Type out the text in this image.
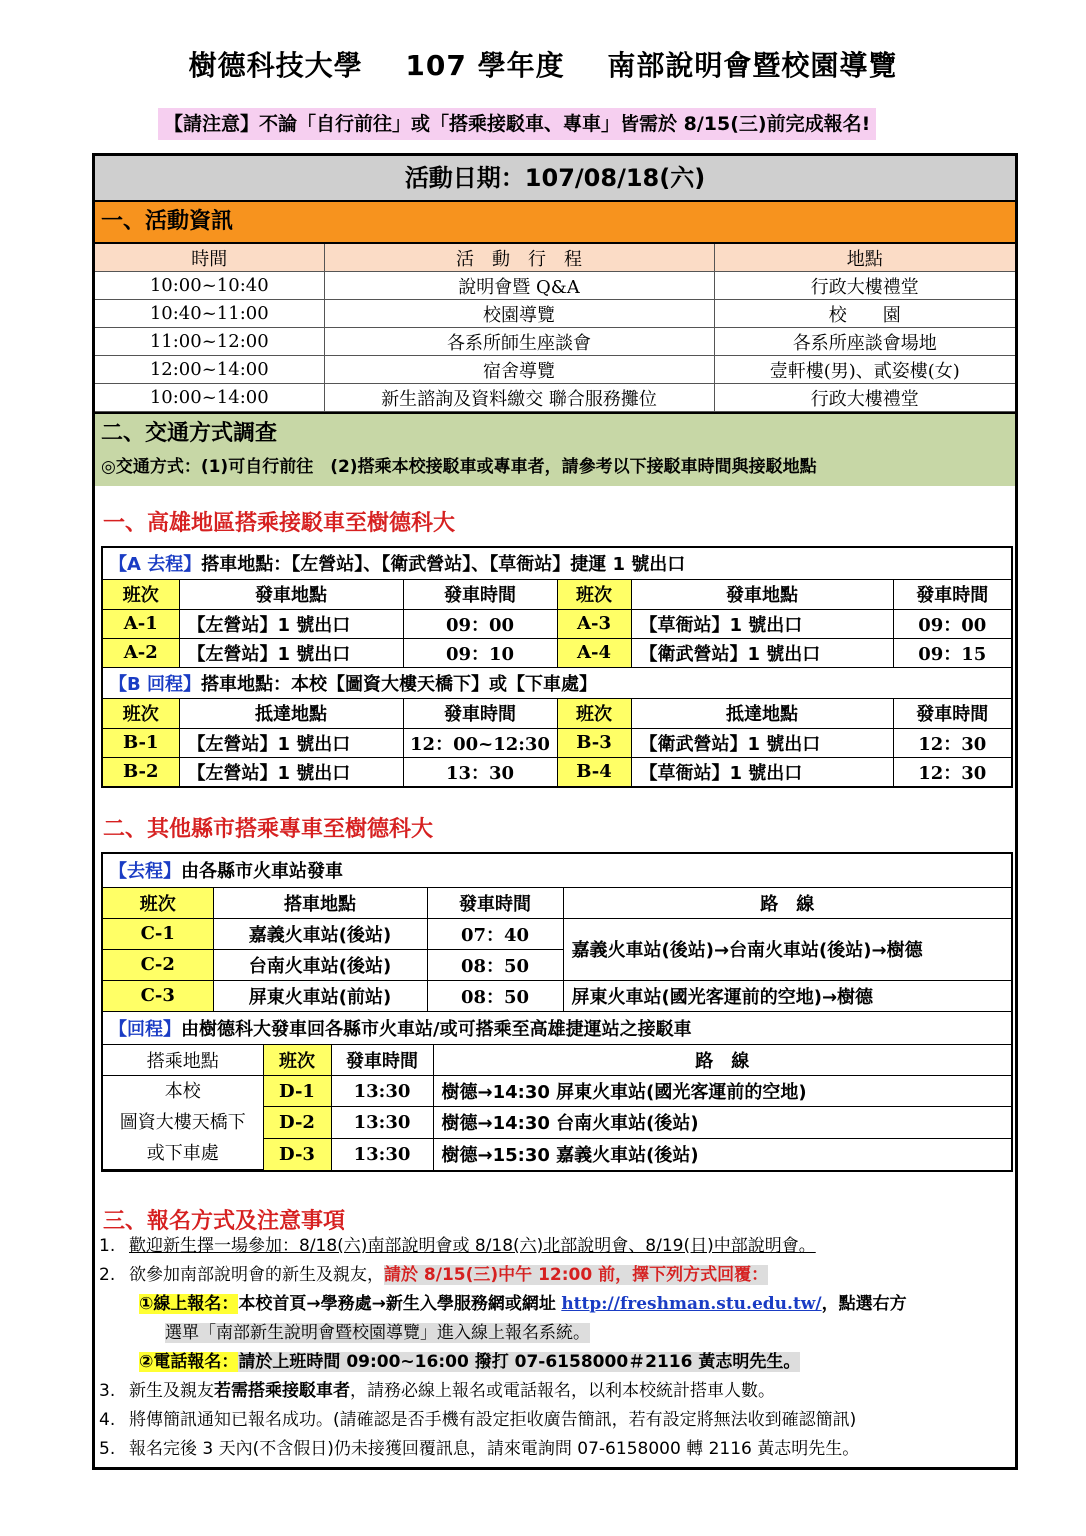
樹德科技大學 107 學年度 南部說明會暨校園導覽
【請注意】不論「自行前往」或「搭乘接駁車、專車」皆需於 8/15(三)前完成報名!
活動日期：107/08/18(六)
一、活動資訊
時間	活　動　行　程	地點
10:00~10:40	說明會暨 Q&A	行政大樓禮堂
10:40~11:00	校園導覽	校　　園
11:00~12:00	各系所師生座談會	各系所座談會場地
12:00~14:00	宿舍導覽	壹軒樓(男)、貳姿樓(女)
10:00~14:00	新生諮詢及資料繳交 聯合服務攤位	行政大樓禮堂
二、交通方式調查
◎交通方式：(1)可自行前往　(2)搭乘本校接駁車或專車者，請參考以下接駁車時間與接駁地點
一、高雄地區搭乘接駁車至樹德科大
【A 去程】搭車地點：【左營站】、【衛武營站】、【草衙站】捷運 1 號出口					
班次	發車地點	發車時間	班次	發車地點	發車時間
A-1	【左營站】1 號出口	09：00	A-3	【草衙站】1 號出口	09：00
A-2	【左營站】1 號出口	09：10	A-4	【衛武營站】1 號出口	09：15
【B 回程】搭車地點：本校【圖資大樓天橋下】或【下車處】					
班次	抵達地點	發車時間	班次	抵達地點	發車時間
B-1	【左營站】1 號出口	12：00~12:30	B-3	【衛武營站】1 號出口	12：30
B-2	【左營站】1 號出口	13：30	B-4	【草衙站】1 號出口	12：30
二、其他縣市搭乘專車至樹德科大
【去程】由各縣市火車站發車			
班次	搭車地點	發車時間	路　線
C-1	嘉義火車站(後站)	07：40	嘉義火車站(後站)→台南火車站(後站)→樹德
C-2	台南火車站(後站)	08：50	
C-3	屏東火車站(前站)	08：50	屏東火車站(國光客運前的空地)→樹德
【回程】由樹德科大發車回各縣市火車站/或可搭乘至高雄捷運站之接駁車			
搭乘地點	班次	發車時間	路　線

本校
圖資大樓天橋下
或下車處	D-1	13:30	樹德→14:30 屏東火車站(國光客運前的空地)
	D-2	13:30	樹德→14:30 台南火車站(後站)
	D-3	13:30	樹德→15:30 嘉義火車站(後站)
三、報名方式及注意事項
1. 歡迎新生擇一場參加：8/18(六)南部說明會或 8/18(六)北部說明會、8/19(日)中部說明會。
2. 欲參加南部說明會的新生及親友，請於 8/15(三)中午 12:00 前，擇下列方式回覆：
①線上報名：本校首頁→學務處→新生入學服務網或網址 http://freshman.stu.edu.tw/，點選右方
選單「南部新生說明會暨校園導覽」進入線上報名系統。
②電話報名：請於上班時間 09:00~16:00 撥打 07-6158000＃2116 黃志明先生。
3. 新生及親友若需搭乘接駁車者，請務必線上報名或電話報名，以利本校統計搭車人數。
4. 將傳簡訊通知已報名成功。(請確認是否手機有設定拒收廣告簡訊，若有設定將無法收到確認簡訊)
5. 報名完後 3 天內(不含假日)仍未接獲回覆訊息，請來電詢問 07-6158000 轉 2116 黃志明先生。
